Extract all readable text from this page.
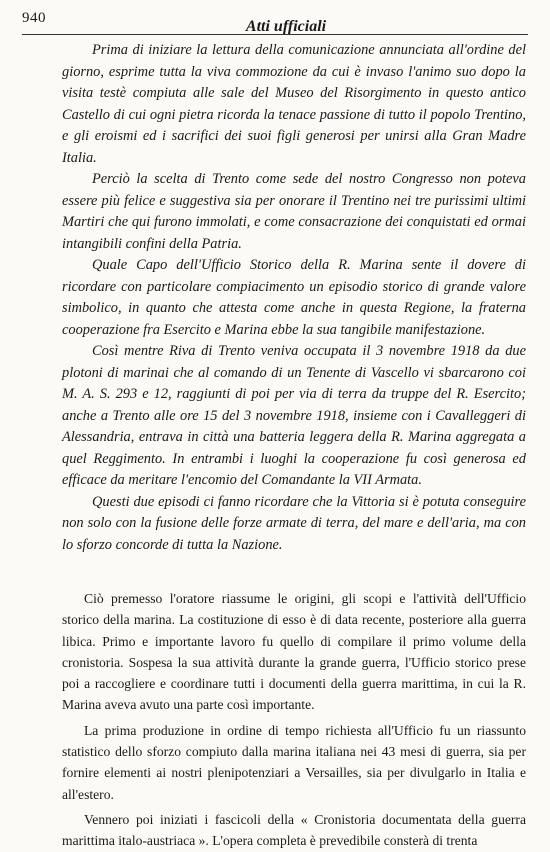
940	Atti ufficiali

Prima di iniziare la lettura della comunicazione annunciata all'ordine del giorno, esprime tutta la viva commozione da cui è invaso l'animo suo dopo la visita testè compiuta alle sale del Museo del Risorgimento in questo antico Castello di cui ogni pietra ricorda la tenace passione di tutto il popolo Trentino, e gli eroismi ed i sacrifici dei suoi figli generosi per unirsi alla Gran Madre Italia.

Perciò la scelta di Trento come sede del nostro Congresso non poteva essere più felice e suggestiva sia per onorare il Trentino nei tre purissimi ultimi Martiri che qui furono immolati, e come consacrazione dei conquistati ed ormai intangibili confini della Patria.

Quale Capo dell'Ufficio Storico della R. Marina sente il dovere di ricordare con particolare compiacimento un episodio storico di grande valore simbolico, in quanto che attesta come anche in questa Regione, la fraterna cooperazione fra Esercito e Marina ebbe la sua tangibile manifestazione.

Così mentre Riva di Trento veniva occupata il 3 novembre 1918 da due plotoni di marinai che al comando di un Tenente di Vascello vi sbarcarono coi M. A. S. 293 e 12, raggiunti di poi per via di terra da truppe del R. Esercito; anche a Trento alle ore 15 del 3 novembre 1918, insieme con i Cavalleggeri di Alessandria, entrava in città una batteria leggera della R. Marina aggregata a quel Reggimento. In entrambi i luoghi la cooperazione fu così generosa ed efficace da meritare l'encomio del Comandante la VII Armata.

Questi due episodi ci fanno ricordare che la Vittoria si è potuta conseguire non solo con la fusione delle forze armate di terra, del mare e dell'aria, ma con lo sforzo concorde di tutta la Nazione.

Ciò premesso l'oratore riassume le origini, gli scopi e l'attività dell'Ufficio storico della marina. La costituzione di esso è di data recente, posteriore alla guerra libica. Primo e importante lavoro fu quello di compilare il primo volume della cronistoria. Sospesa la sua attività durante la grande guerra, l'Ufficio storico prese poi a raccogliere e coordinare tutti i documenti della guerra marittima, in cui la R. Marina aveva avuto una parte così importante.

La prima produzione in ordine di tempo richiesta all'Ufficio fu un riassunto statistico dello sforzo compiuto dalla marina italiana nei 43 mesi di guerra, sia per fornire elementi ai nostri plenipotenziari a Versailles, sia per divulgarlo in Italia e all'estero.

Vennero poi iniziati i fascicoli della « Cronistoria documentata della guerra marittima italo-austriaca ». L'opera completa è prevedibile consterà di trenta
